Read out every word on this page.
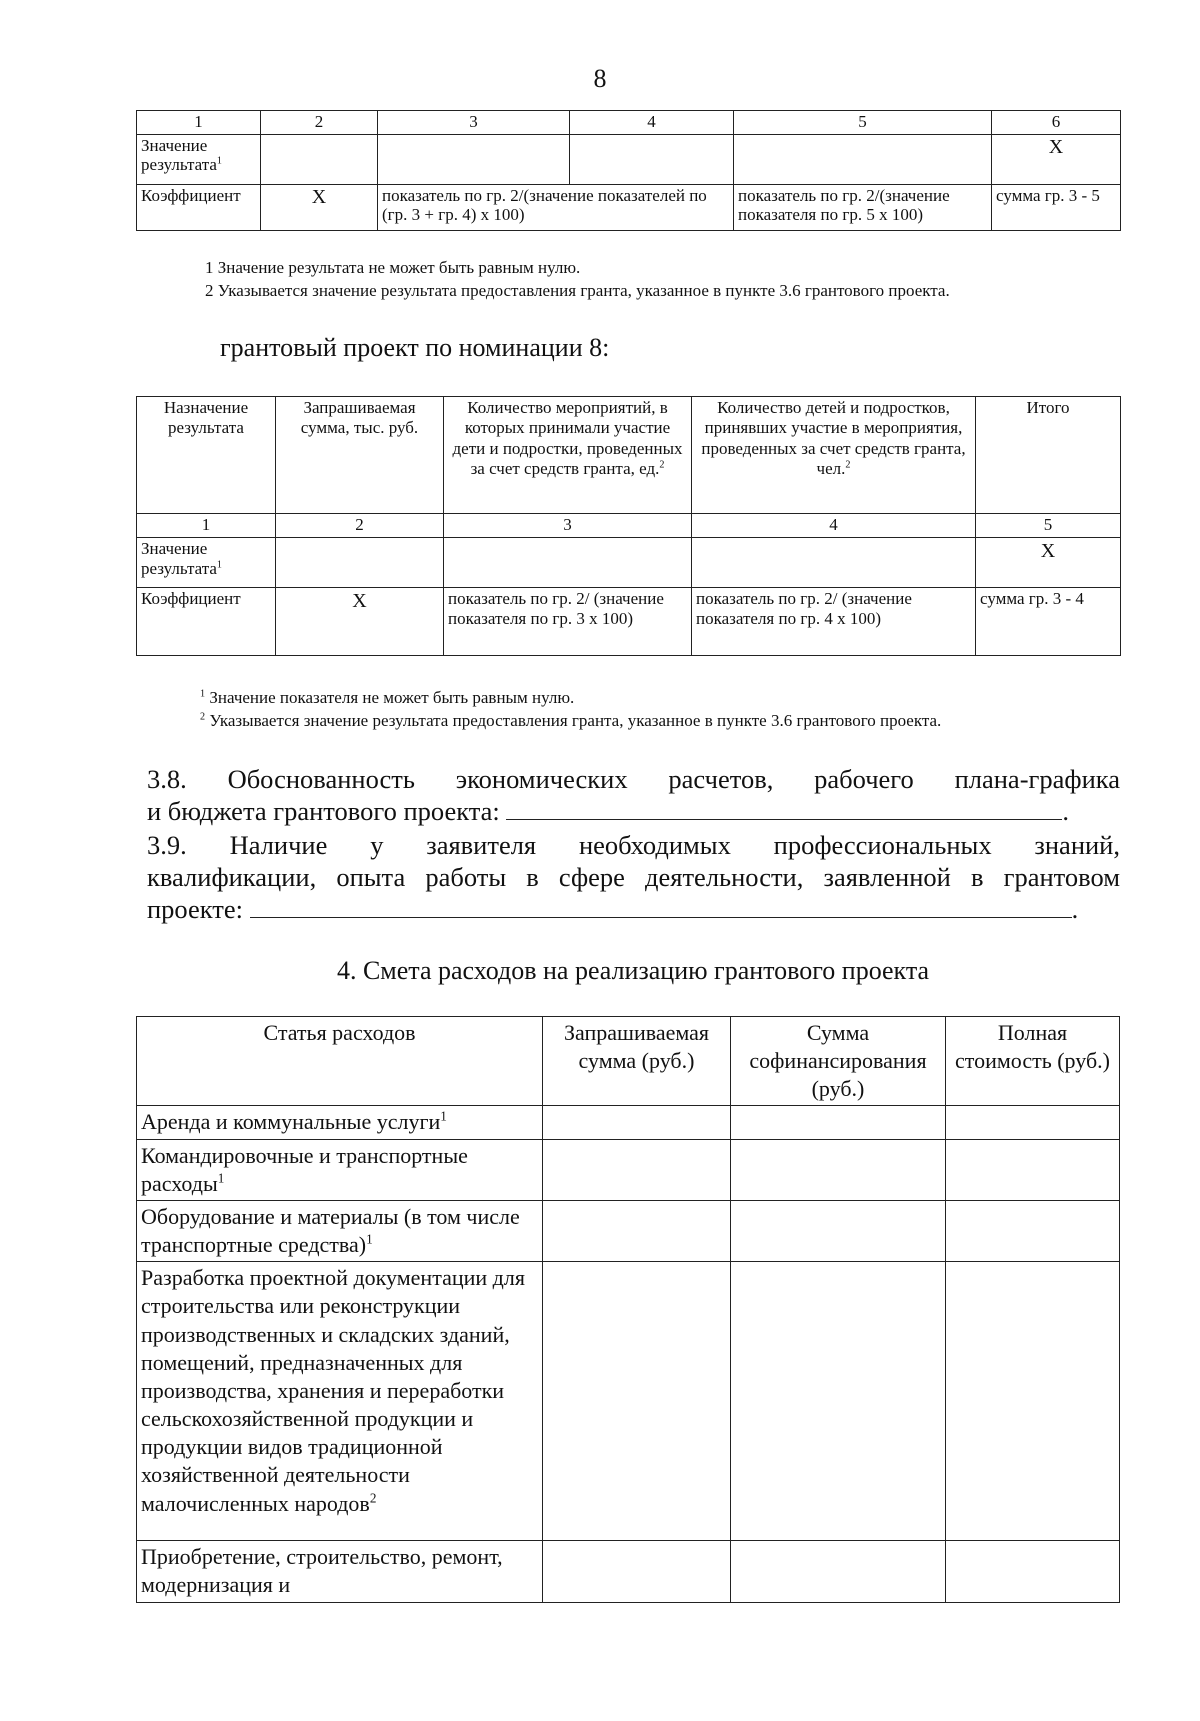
8
1	2	3	4	5	6
Значение результата$^1$					Х
Коэффициент	Х	показатель по гр. 2/(значение показателей по (гр. 3 + гр. 4) х 100)		показатель по гр. 2/(значение показателя по гр. 5 х 100)	сумма гр. 3 - 5
1 Значение результата не может быть равным нулю.
2 Указывается значение результата предоставления гранта, указанное в пункте 3.6 грантового проекта.
грантовый проект по номинации 8:
Назначение результата	Запрашиваемая сумма, тыс. руб.	Количество мероприятий, в которых принимали участие дети и подростки, проведенных за счет средств гранта, ед.$^2$	Количество детей и подростков, принявших участие в мероприятия, проведенных за счет средств гранта, чел.$^2$	Итого
1	2	3	4	5
Значение результата$^1$				Х
Коэффициент	Х	показатель по гр. 2/ (значение показателя по гр. 3 х 100)	показатель по гр. 2/ (значение показателя по гр. 4 х 100)	сумма гр. 3 - 4
$^1$ Значение показателя не может быть равным нулю.
$^2$ Указывается значение результата предоставления гранта, указанное в пункте 3.6 грантового проекта.
3.8. Обоснованность экономических расчетов, рабочего плана-графика
и бюджета грантового проекта:	.
3.9. Наличие у заявителя необходимых профессиональных знаний,
квалификации, опыта работы в сфере деятельности, заявленной в грантовом
проекте:	.
4. Смета расходов на реализацию грантового проекта
Статья расходов	Запрашиваемая сумма (руб.)	Сумма софинансирования (руб.)	Полная стоимость (руб.)
Аренда и коммунальные услуги$^1$			
Командировочные и транспортные расходы$^1$			
Оборудование и материалы (в том числе транспортные средства)$^1$			
Разработка проектной документации для строительства или реконструкции производственных и складских зданий, помещений, предназначенных для производства, хранения и переработки сельскохозяйственной продукции и продукции видов традиционной хозяйственной деятельности малочисленных народов$^2$			
Приобретение, строительство, ремонт, модернизация и			
